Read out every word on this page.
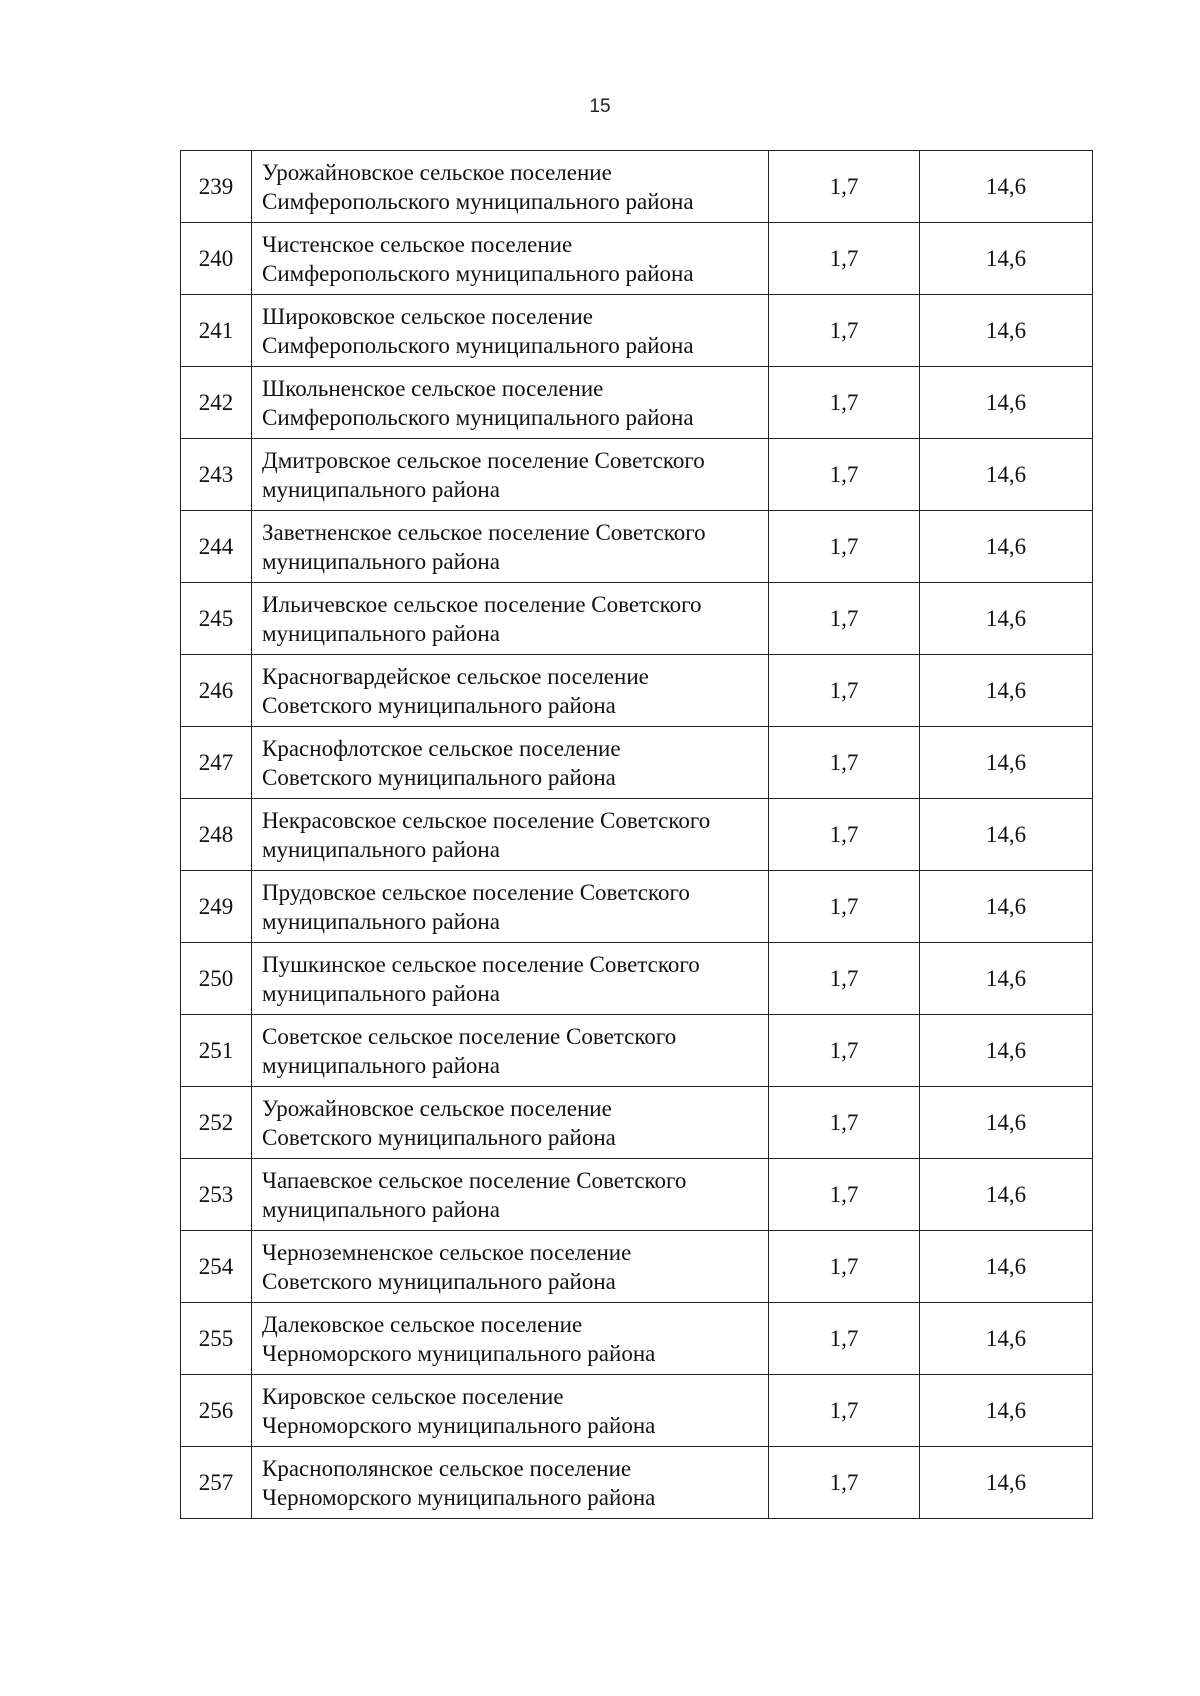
15
239	Урожайновское сельское поселение
Симферопольского муниципального района	1,7	14,6
240	Чистенское сельское поселение
Симферопольского муниципального района	1,7	14,6
241	Широковское сельское поселение
Симферопольского муниципального района	1,7	14,6
242	Школьненское сельское поселение
Симферопольского муниципального района	1,7	14,6
243	Дмитровское сельское поселение Советского
муниципального района	1,7	14,6
244	Заветненское сельское поселение Советского
муниципального района	1,7	14,6
245	Ильичевское сельское поселение Советского
муниципального района	1,7	14,6
246	Красногвардейское сельское поселение
Советского муниципального района	1,7	14,6
247	Краснофлотское сельское поселение
Советского муниципального района	1,7	14,6
248	Некрасовское сельское поселение Советского
муниципального района	1,7	14,6
249	Прудовское сельское поселение Советского
муниципального района	1,7	14,6
250	Пушкинское сельское поселение Советского
муниципального района	1,7	14,6
251	Советское сельское поселение Советского
муниципального района	1,7	14,6
252	Урожайновское сельское поселение
Советского муниципального района	1,7	14,6
253	Чапаевское сельское поселение Советского
муниципального района	1,7	14,6
254	Черноземненское сельское поселение
Советского муниципального района	1,7	14,6
255	Далековское сельское поселение
Черноморского муниципального района	1,7	14,6
256	Кировское сельское поселение
Черноморского муниципального района	1,7	14,6
257	Краснополянское сельское поселение
Черноморского муниципального района	1,7	14,6
